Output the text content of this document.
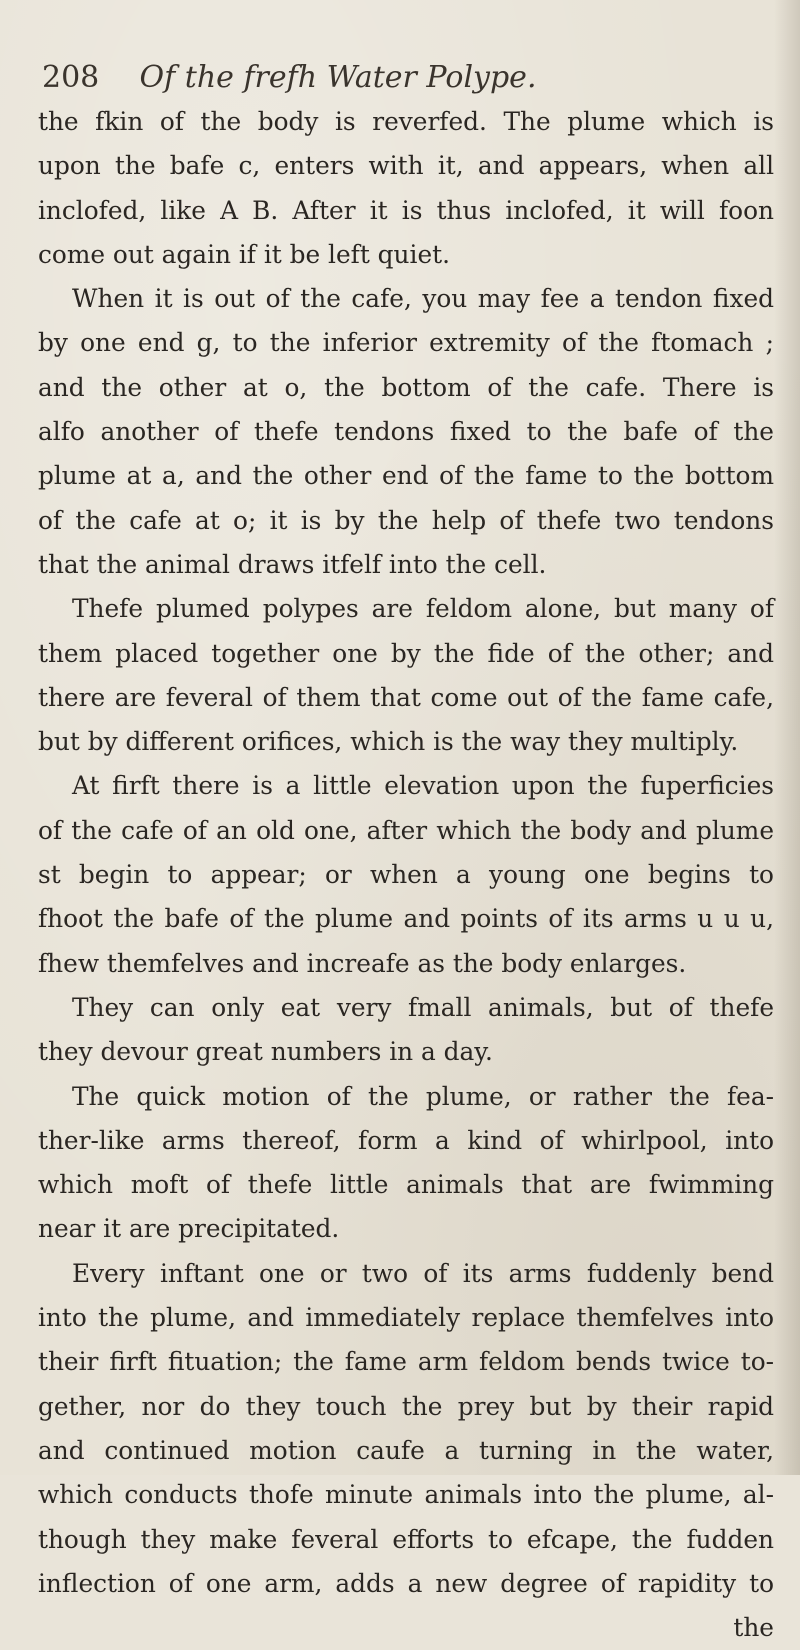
208 Of the frefh Water Polype.
the fkin of the body is reverfed. The plume which is
upon the bafe c, enters with it, and appears, when all
inclofed, like A B. After it is thus inclofed, it will foon
come out again if it be left quiet.
When it is out of the cafe, you may fee a tendon fixed
by one end g, to the inferior extremity of the ftomach ;
and the other at o, the bottom of the cafe. There is
alfo another of thefe tendons fixed to the bafe of the
plume at a, and the other end of the fame to the bottom
of the cafe at o; it is by the help of thefe two tendons
that the animal draws itfelf into the cell.
Thefe plumed polypes are feldom alone, but many of
them placed together one by the fide of the other; and
there are feveral of them that come out of the fame cafe,
but by different orifices, which is the way they multiply.
At firft there is a little elevation upon the fuperficies
of the cafe of an old one, after which the body and plume
st begin to appear; or when a young one begins to
fhoot the bafe of the plume and points of its arms u u u,
fhew themfelves and increafe as the body enlarges.
They can only eat very fmall animals, but of thefe
they devour great numbers in a day.
The quick motion of the plume, or rather the fea-
ther-like arms thereof, form a kind of whirlpool, into
which moft of thefe little animals that are fwimming
near it are precipitated.
Every inftant one or two of its arms fuddenly bend
into the plume, and immediately replace themfelves into
their firft fituation; the fame arm feldom bends twice to-
gether, nor do they touch the prey but by their rapid
and continued motion caufe a turning in the water,
which conducts thofe minute animals into the plume, al-
though they make feveral efforts to efcape, the fudden
inflection of one arm, adds a new degree of rapidity to
the
